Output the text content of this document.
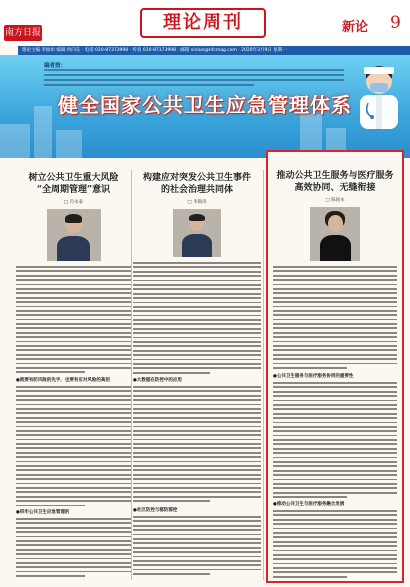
南方日报	理论周刊	新论 9
理论主编 李灿如 编辑 何向东 · 电话 020-87373998 · 传真 020-87373998 · 邮箱 xinlun@nfcmag.com · 2020年3月9日 星期一
编者按：
健全国家公共卫生应急管理体系
树立公共卫生重大风险
“全周期管理”意识
□ 肖永泰
●既要有防风险的先手，也要有应对风险的高招
●织牢公共卫生应急管理的
构建应对突发公共卫生事件
的社会治理共同体
□ 李锦涛
●大数据在防控中的应用
●社区防控与群防群控
推动公共卫生服务与医疗服务
高效协同、无缝衔接
□ 陈国永
●公共卫生服务与医疗服务协同的重要性
●推动公共卫生与医疗服务融合发展
